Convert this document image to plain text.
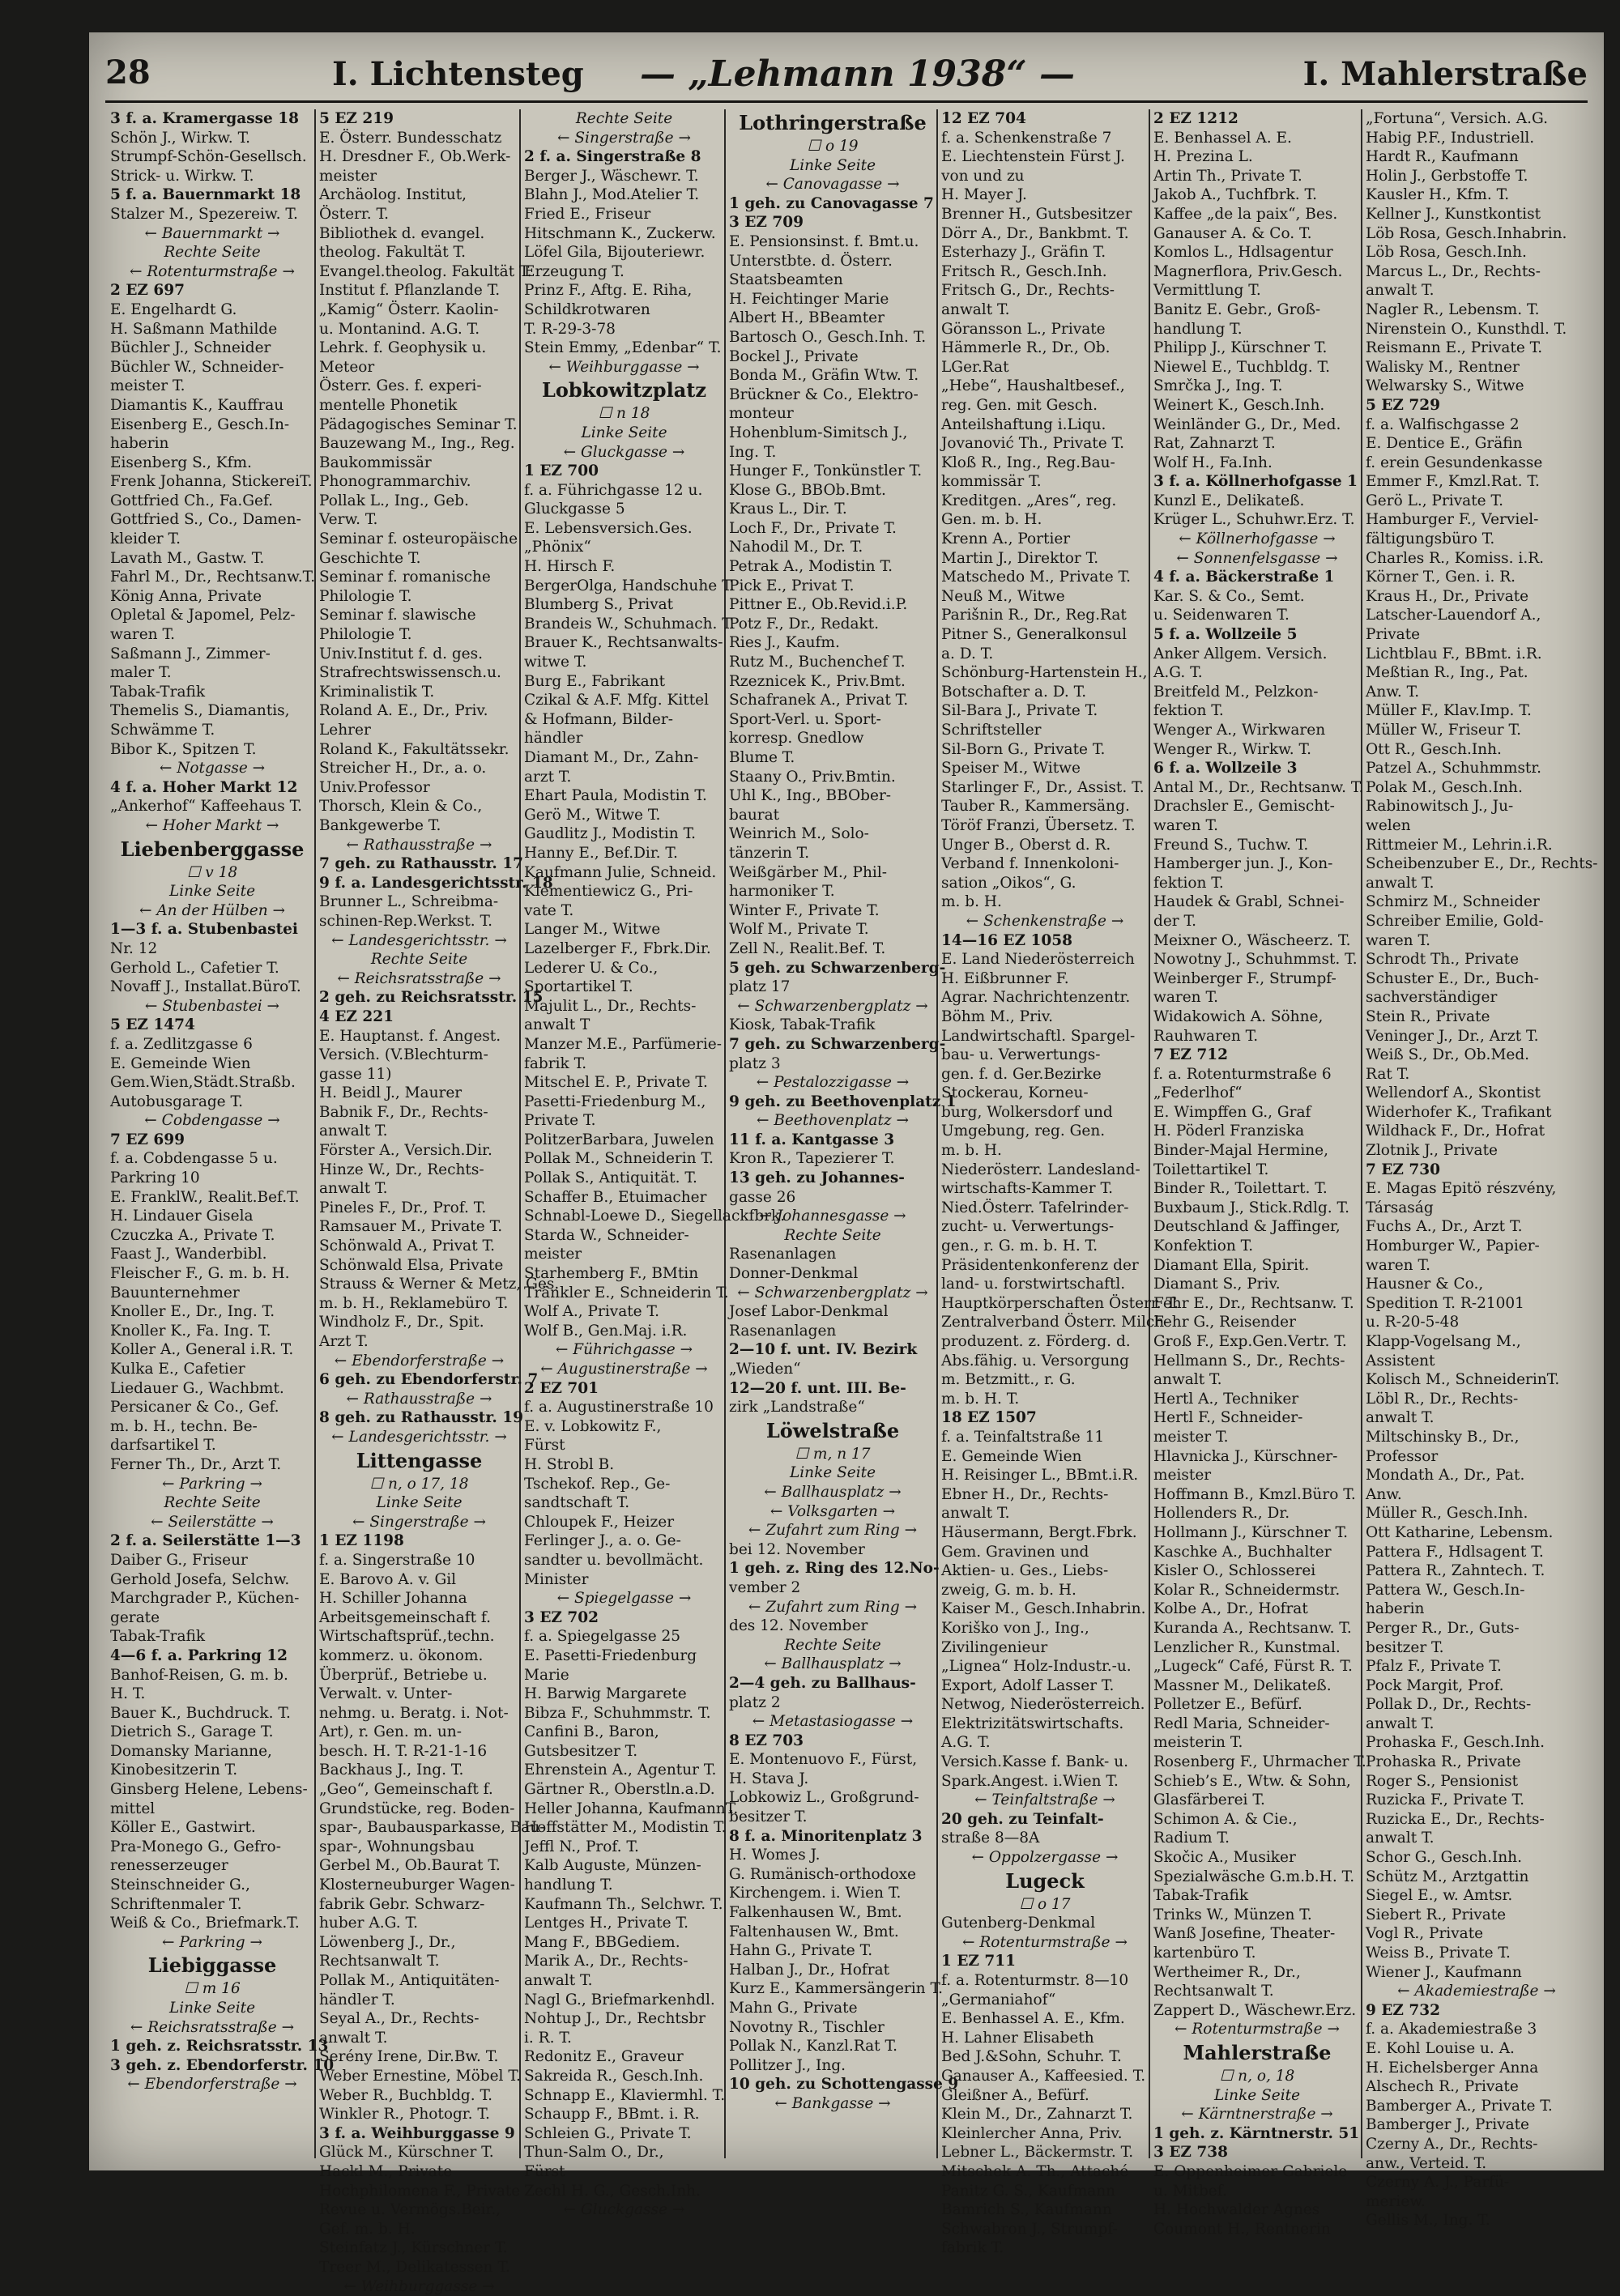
28	I. Lichtensteg — „Lehmann 1938“ —	I. Mahlerstraße
3 f. a. Kramergasse 18
Schön J., Wirkw. T.
Strumpf-Schön-Gesellsch.
Strick- u. Wirkw. T.
5 f. a. Bauernmarkt 18
Stalzer M., Spezereiw. T.
← Bauernmarkt →
Rechte Seite
← Rotenturmstraße →
2 EZ 697
E. Engelhardt G.
H. Saßmann Mathilde
Büchler J., Schneider
Büchler W., Schneider-
meister T.
Diamantis K., Kauffrau
Eisenberg E., Gesch.In-
haberin
Eisenberg S., Kfm.
Frenk Johanna, StickereiT.
Gottfried Ch., Fa.Gef.
Gottfried S., Co., Damen-
kleider T.
Lavath M., Gastw. T.
Fahrl M., Dr., Rechtsanw.T.
König Anna, Private
Opletal & Japomel, Pelz-
waren T.
Saßmann J., Zimmer-
maler T.
Tabak-Trafik
Themelis S., Diamantis,
Schwämme T.
Bibor K., Spitzen T.
← Notgasse →
4 f. a. Hoher Markt 12
„Ankerhof“ Kaffeehaus T.
← Hoher Markt →
Liebenberggasse
☐ v 18
Linke Seite
← An der Hülben →
1—3 f. a. Stubenbastei
Nr. 12
Gerhold L., Cafetier T.
Novaff J., Installat.BüroT.
← Stubenbastei →
5 EZ 1474
f. a. Zedlitzgasse 6
E. Gemeinde Wien
Gem.Wien,Städt.Straßb.
Autobusgarage T.
← Cobdengasse →
7 EZ 699
f. a. Cobdengasse 5 u.
Parkring 10
E. FranklW., Realit.Bef.T.
H. Lindauer Gisela
Czuczka A., Private T.
Faast J., Wanderbibl.
Fleischer F., G. m. b. H.
Bauunternehmer
Knoller E., Dr., Ing. T.
Knoller K., Fa. Ing. T.
Koller A., General i.R. T.
Kulka E., Cafetier
Liedauer G., Wachbmt.
Persicaner & Co., Gef.
m. b. H., techn. Be-
darfsartikel T.
Ferner Th., Dr., Arzt T.
← Parkring →
Rechte Seite
← Seilerstätte →
2 f. a. Seilerstätte 1—3
Daiber G., Friseur
Gerhold Josefa, Selchw.
Marchgrader P., Küchen-
gerate
Tabak-Trafik
4—6 f. a. Parkring 12
Banhof-Reisen, G. m. b.
H. T.
Bauer K., Buchdruck. T.
Dietrich S., Garage T.
Domansky Marianne,
Kinobesitzerin T.
Ginsberg Helene, Lebens-
mittel
Köller E., Gastwirt.
Pra-Monego G., Gefro-
renesserzeuger
Steinschneider G.,
Schriftenmaler T.
Weiß & Co., Briefmark.T.
← Parkring →
Liebiggasse
☐ m 16
Linke Seite
← Reichsratsstraße →
1 geh. z. Reichsratsstr. 13
3 geh. z. Ebendorferstr. 10
← Ebendorferstraße →
5 EZ 219
E. Österr. Bundesschatz
H. Dresdner F., Ob.Werk-
meister
Archäolog. Institut,
Österr. T.
Bibliothek d. evangel.
theolog. Fakultät T.
Evangel.theolog. Fakultät T.
Institut f. Pflanzlande T.
„Kamig“ Österr. Kaolin-
u. Montanind. A.G. T.
Lehrk. f. Geophysik u.
Meteor
Österr. Ges. f. experi-
mentelle Phonetik
Pädagogisches Seminar T.
Bauzewang M., Ing., Reg.
Baukommissär
Phonogrammarchiv.
Pollak L., Ing., Geb.
Verw. T.
Seminar f. osteuropäische
Geschichte T.
Seminar f. romanische
Philologie T.
Seminar f. slawische
Philologie T.
Univ.Institut f. d. ges.
Strafrechtswissensch.u.
Kriminalistik T.
Roland A. E., Dr., Priv.
Lehrer
Roland K., Fakultätssekr.
Streicher H., Dr., a. o.
Univ.Professor
Thorsch, Klein & Co.,
Bankgewerbe T.
← Rathausstraße →
7 geh. zu Rathausstr. 17
9 f. a. Landesgerichtsstr. 18
Brunner L., Schreibma-
schinen-Rep.Werkst. T.
← Landesgerichtsstr. →
Rechte Seite
← Reichsratsstraße →
2 geh. zu Reichsratsstr. 15
4 EZ 221
E. Hauptanst. f. Angest.
Versich. (V.Blechturm-
gasse 11)
H. Beidl J., Maurer
Babnik F., Dr., Rechts-
anwalt T.
Förster A., Versich.Dir.
Hinze W., Dr., Rechts-
anwalt T.
Pineles F., Dr., Prof. T.
Ramsauer M., Private T.
Schönwald A., Privat T.
Schönwald Elsa, Private
Strauss & Werner & Metz, Ges.
m. b. H., Reklamebüro T.
Windholz F., Dr., Spit.
Arzt T.
← Ebendorferstraße →
6 geh. zu Ebendorferstr. 7
← Rathausstraße →
8 geh. zu Rathausstr. 19
← Landesgerichtsstr. →
Littengasse
☐ n, o 17, 18
Linke Seite
← Singerstraße →
1 EZ 1198
f. a. Singerstraße 10
E. Barovo A. v. Gil
H. Schiller Johanna
Arbeitsgemeinschaft f.
Wirtschaftsprüf.,techn.
kommerz. u. ökonom.
Überprüf., Betriebe u.
Verwalt. v. Unter-
nehmg. u. Beratg. i. Not-
Art), r. Gen. m. un-
besch. H. T. R-21-1-16
Backhaus J., Ing. T.
„Geo“, Gemeinschaft f.
Grundstücke, reg. Boden-
spar-, Baubausparkasse, Bau-
spar-, Wohnungsbau
Gerbel M., Ob.Baurat T.
Klosterneuburger Wagen-
fabrik Gebr. Schwarz-
huber A.G. T.
Löwenberg J., Dr.,
Rechtsanwalt T.
Pollak M., Antiquitäten-
händler T.
Seyal A., Dr., Rechts-
anwalt T.
Serény Irene, Dir.Bw. T.
Weber Ernestine, Möbel T.
Weber R., Buchbldg. T.
Winkler R., Photogr. T.
3 f. a. Weihburggasse 9
Glück M., Kürschner T.
Hackl M., Private
Hochphilomena F., Private
Revue u. Vermögs.Beir.,
Gef. m. b. H.
Steinfatz J., Kürschner T.
Treer M., Delikatessen T.
← Weihburggasse →
Rechte Seite
← Singerstraße →
2 f. a. Singerstraße 8
Berger J., Wäschewr. T.
Blahn J., Mod.Atelier T.
Fried E., Friseur
Hitschmann K., Zuckerw.
Löfel Gila, Bijouteriewr.
Erzeugung T.
Prinz F., Aftg. E. Riha,
Schildkrotwaren
T. R-29-3-78
Stein Emmy, „Edenbar“ T.
← Weihburggasse →
Lobkowitzplatz
☐ n 18
Linke Seite
← Gluckgasse →
1 EZ 700
f. a. Führichgasse 12 u.
Gluckgasse 5
E. Lebensversich.Ges.
„Phönix“
H. Hirsch F.
BergerOlga, Handschuhe T.
Blumberg S., Privat
Brandeis W., Schuhmach. T.
Brauer K., Rechtsanwalts-
witwe T.
Burg E., Fabrikant
Czikal & A.F. Mfg. Kittel
& Hofmann, Bilder-
händler
Diamant M., Dr., Zahn-
arzt T.
Ehart Paula, Modistin T.
Gerö M., Witwe T.
Gaudlitz J., Modistin T.
Hanny E., Bef.Dir. T.
Kaufmann Julie, Schneid.
Klementiewicz G., Pri-
vate T.
Langer M., Witwe
Lazelberger F., Fbrk.Dir.
Lederer U. & Co.,
Sportartikel T.
Majulit L., Dr., Rechts-
anwalt T
Manzer M.E., Parfümerie-
fabrik T.
Mitschel E. P., Private T.
Pasetti-Friedenburg M.,
Private T.
PolitzerBarbara, Juwelen
Pollak M., Schneiderin T.
Pollak S., Antiquität. T.
Schaffer B., Etuimacher
Schnabl-Loewe D., Siegellackfbrk.
Starda W., Schneider-
meister
Starhemberg F., BMtin
Tränkler E., Schneiderin T.
Wolf A., Private T.
Wolf B., Gen.Maj. i.R.
← Führichgasse →
← Augustinerstraße →
2 EZ 701
f. a. Augustinerstraße 10
E. v. Lobkowitz F.,
Fürst
H. Strobl B.
Tschekof. Rep., Ge-
sandtschaft T.
Chloupek F., Heizer
Ferlinger J., a. o. Ge-
sandter u. bevollmächt.
Minister
← Spiegelgasse →
3 EZ 702
f. a. Spiegelgasse 25
E. Pasetti-Friedenburg
Marie
H. Barwig Margarete
Bibza F., Schuhmmstr. T.
Canfini B., Baron,
Gutsbesitzer T.
Ehrenstein A., Agentur T.
Gärtner R., Oberstln.a.D.
Heller Johanna, KaufmannT.
Hoffstätter M., Modistin T.
Jeffl N., Prof. T.
Kalb Auguste, Münzen-
handlung T.
Kaufmann Th., Selchwr. T.
Lentges H., Private T.
Mang F., BBGediem.
Marik A., Dr., Rechts-
anwalt T.
Nagl G., Briefmarkenhdl.
Nohtup J., Dr., Rechtsbr
i. R. T.
Redonitz E., Graveur
Sakreida R., Gesch.Inh.
Schnapp E., Klaviermhl. T.
Schaupp F., BBmt. i. R.
Schleien G., Private T.
Thun-Salm O., Dr.,
Fürst
Zechl H. G., Gesch.Inh.
← Gluckgasse →
Lothringerstraße
☐ o 19
Linke Seite
← Canovagasse →
1 geh. zu Canovagasse 7
3 EZ 709
E. Pensionsinst. f. Bmt.u.
Unterstbte. d. Österr.
Staatsbeamten
H. Feichtinger Marie
Albert H., BBeamter
Bartosch O., Gesch.Inh. T.
Bockel J., Private
Bonda M., Gräfin Wtw. T.
Brückner & Co., Elektro-
monteur
Hohenblum-Simitsch J.,
Ing. T.
Hunger F., Tonkünstler T.
Klose G., BBOb.Bmt.
Kraus L., Dir. T.
Loch F., Dr., Private T.
Nahodil M., Dr. T.
Petrak A., Modistin T.
Pick E., Privat T.
Pittner E., Ob.Revid.i.P.
Potz F., Dr., Redakt.
Ries J., Kaufm.
Rutz M., Buchenchef T.
Rzeznicek K., Priv.Bmt.
Schafranek A., Privat T.
Sport-Verl. u. Sport-
korresp. Gnedlow
Blume T.
Staany O., Priv.Bmtin.
Uhl K., Ing., BBOber-
baurat
Weinrich M., Solo-
tänzerin T.
Weißgärber M., Phil-
harmoniker T.
Winter F., Private T.
Wolf M., Private T.
Zell N., Realit.Bef. T.
5 geh. zu Schwarzenberg-
platz 17
← Schwarzenbergplatz →
Kiosk, Tabak-Trafik
7 geh. zu Schwarzenberg-
platz 3
← Pestalozzigasse →
9 geh. zu Beethovenplatz 1
← Beethovenplatz →
11 f. a. Kantgasse 3
Kron R., Tapezierer T.
13 geh. zu Johannes-
gasse 26
← Johannesgasse →
Rechte Seite
Rasenanlagen
Donner-Denkmal
← Schwarzenbergplatz →
Josef Labor-Denkmal
Rasenanlagen
2—10 f. unt. IV. Bezirk
„Wieden“
12—20 f. unt. III. Be-
zirk „Landstraße“
Löwelstraße
☐ m, n 17
Linke Seite
← Ballhausplatz →
← Volksgarten →
← Zufahrt zum Ring →
bei 12. November
1 geh. z. Ring des 12.No-
vember 2
← Zufahrt zum Ring →
des 12. November
Rechte Seite
← Ballhausplatz →
2—4 geh. zu Ballhaus-
platz 2
← Metastasiogasse →
8 EZ 703
E. Montenuovo F., Fürst,
H. Stava J.
Lobkowiz L., Großgrund-
besitzer T.
8 f. a. Minoritenplatz 3
H. Womes J.
G. Rumänisch-orthodoxe
Kirchengem. i. Wien T.
Falkenhausen W., Bmt.
Faltenhausen W., Bmt.
Hahn G., Private T.
Halban J., Dr., Hofrat
Kurz E., Kammersängerin T.
Mahn G., Private
Novotny R., Tischler
Pollak N., Kanzl.Rat T.
Pollitzer J., Ing.
10 geh. zu Schottengasse 9
← Bankgasse →
12 EZ 704
f. a. Schenkenstraße 7
E. Liechtenstein Fürst J.
von und zu
H. Mayer J.
Brenner H., Gutsbesitzer
Dörr A., Dr., Bankbmt. T.
Esterhazy J., Gräfin T.
Fritsch R., Gesch.Inh.
Fritsch G., Dr., Rechts-
anwalt T.
Göransson L., Private
Hämmerle R., Dr., Ob.
LGer.Rat
„Hebe“, Haushaltbesef.,
reg. Gen. mit Gesch.
Anteilshaftung i.Liqu.
Jovanović Th., Private T.
Kloß R., Ing., Reg.Bau-
kommissär T.
Kreditgen. „Ares“, reg.
Gen. m. b. H.
Krenn A., Portier
Martin J., Direktor T.
Matschedo M., Private T.
Neuß M., Witwe
Parišnin R., Dr., Reg.Rat
Pitner S., Generalkonsul
a. D. T.
Schönburg-Hartenstein H.,
Botschafter a. D. T.
Sil-Bara J., Private T.
Schriftsteller
Sil-Born G., Private T.
Speiser M., Witwe
Starlinger F., Dr., Assist. T.
Tauber R., Kammersäng.
Töröf Franzi, Übersetz. T.
Unger B., Oberst d. R.
Verband f. Innenkoloni-
sation „Oikos“, G.
m. b. H.
← Schenkenstraße →
14—16 EZ 1058
E. Land Niederösterreich
H. Eißbrunner F.
Agrar. Nachrichtenzentr.
Böhm M., Priv.
Landwirtschaftl. Spargel-
bau- u. Verwertungs-
gen. f. d. Ger.Bezirke
Stockerau, Korneu-
burg, Wolkersdorf und
Umgebung, reg. Gen.
m. b. H.
Niederösterr. Landesland-
wirtschafts-Kammer T.
Nied.Österr. Tafelrinder-
zucht- u. Verwertungs-
gen., r. G. m. b. H. T.
Präsidentenkonferenz der
land- u. forstwirtschaftl.
Hauptkörperschaften Österr. T.
Zentralverband Österr. Milch-
produzent. z. Förderg. d.
Abs.fähig. u. Versorgung
m. Betzmitt., r. G.
m. b. H. T.
18 EZ 1507
f. a. Teinfaltstraße 11
E. Gemeinde Wien
H. Reisinger L., BBmt.i.R.
Ebner H., Dr., Rechts-
anwalt T.
Häusermann, Bergt.Fbrk.
Gem. Gravinen und
Aktien- u. Ges., Liebs-
zweig, G. m. b. H.
Kaiser M., Gesch.Inhabrin.
Koriško von J., Ing.,
Zivilingenieur
„Lignea“ Holz-Industr.-u.
Export, Adolf Lasser T.
Netwog, Niederösterreich.
Elektrizitätswirtschafts.
A.G. T.
Versich.Kasse f. Bank- u.
Spark.Angest. i.Wien T.
← Teinfaltstraße →
20 geh. zu Teinfalt-
straße 8—8A
← Oppolzergasse →
Lugeck
☐ o 17
Gutenberg-Denkmal
← Rotenturmstraße →
1 EZ 711
f. a. Rotenturmstr. 8—10
„Germaniahof“
E. Benhassel A. E., Kfm.
H. Lahner Elisabeth
Bed J.&Sohn, Schuhr. T.
Ganauser A., Kaffeesied. T.
Gleißner A., Befürf.
Klein M., Dr., Zahnarzt T.
Kleinlercher Anna, Priv.
Lebner L., Bäckermstr. T.
Mitschek A. Th., Attaché
Panitz G. S., Kaufmann
Bamrich S., Kaufmann
Schwabron J., Strumpf-
fabrik T.
2 EZ 1212
E. Benhassel A. E.
H. Prezina L.
Artin Th., Private T.
Jakob A., Tuchfbrk. T.
Kaffee „de la paix“, Bes.
Ganauser A. & Co. T.
Komlos L., Hdlsagentur
Magnerflora, Priv.Gesch.
Vermittlung T.
Banitz E. Gebr., Groß-
handlung T.
Philipp J., Kürschner T.
Niewel E., Tuchbldg. T.
Smrčka J., Ing. T.
Weinert K., Gesch.Inh.
Weinländer G., Dr., Med.
Rat, Zahnarzt T.
Wolf H., Fa.Inh.
3 f. a. Köllnerhofgasse 1
Kunzl E., Delikateß.
Krüger L., Schuhwr.Erz. T.
← Köllnerhofgasse →
← Sonnenfelsgasse →
4 f. a. Bäckerstraße 1
Kar. S. & Co., Semt.
u. Seidenwaren T.
5 f. a. Wollzeile 5
Anker Allgem. Versich.
A.G. T.
Breitfeld M., Pelzkon-
fektion T.
Wenger A., Wirkwaren
Wenger R., Wirkw. T.
6 f. a. Wollzeile 3
Antal M., Dr., Rechtsanw. T.
Drachsler E., Gemischt-
waren T.
Freund S., Tuchw. T.
Hamberger jun. J., Kon-
fektion T.
Haudek & Grabl, Schnei-
der T.
Meixner O., Wäscheerz. T.
Nowotny J., Schuhmmst. T.
Weinberger F., Strumpf-
waren T.
Widakowich A. Söhne,
Rauhwaren T.
7 EZ 712
f. a. Rotenturmstraße 6
„Federlhof“
E. Wimpffen G., Graf
H. Pöderl Franziska
Binder-Majal Hermine,
Toilettartikel T.
Binder R., Toilettart. T.
Buxbaum J., Stick.Rdlg. T.
Deutschland & Jaffinger,
Konfektion T.
Diamant Ella, Spirit.
Diamant S., Priv.
Fehr E., Dr., Rechtsanw. T.
Fehr G., Reisender
Groß F., Exp.Gen.Vertr. T.
Hellmann S., Dr., Rechts-
anwalt T.
Hertl A., Techniker
Hertl F., Schneider-
meister T.
Hlavnicka J., Kürschner-
meister
Hoffmann B., Kmzl.Büro T.
Hollenders R., Dr.
Hollmann J., Kürschner T.
Kaschke A., Buchhalter
Kisler O., Schlosserei
Kolar R., Schneidermstr.
Kolbe A., Dr., Hofrat
Kuranda A., Rechtsanw. T.
Lenzlicher R., Kunstmal.
„Lugeck“ Café, Fürst R. T.
Massner M., Delikateß.
Polletzer E., Befürf.
Redl Maria, Schneider-
meisterin T.
Rosenberg F., Uhrmacher T.
Schieb’s E., Wtw. & Sohn,
Glasfärberei T.
Schimon A. & Cie.,
Radium T.
Skočic A., Musiker
Spezialwäsche G.m.b.H. T.
Tabak-Trafik
Trinks W., Münzen T.
Wanß Josefine, Theater-
kartenbüro T.
Wertheimer R., Dr.,
Rechtsanwalt T.
Zappert D., Wäschewr.Erz.
← Rotenturmstraße →
Mahlerstraße
☐ n, o, 18
Linke Seite
← Kärntnerstraße →
1 geh. z. Kärntnerstr. 51
3 EZ 738
E. Oppenheimer Gabriele
u. Mitbef.
H. Hochwalder Agnes
Coumont H., Rentnerin
„Fortuna“, Versich. A.G.
Habig P.F., Industriell.
Hardt R., Kaufmann
Holin J., Gerbstoffe T.
Kausler H., Kfm. T.
Kellner J., Kunstkontist
Löb Rosa, Gesch.Inhabrin.
Löb Rosa, Gesch.Inh.
Marcus L., Dr., Rechts-
anwalt T.
Nagler R., Lebensm. T.
Nirenstein O., Kunsthdl. T.
Reismann E., Private T.
Walisky M., Rentner
Welwarsky S., Witwe
5 EZ 729
f. a. Walfischgasse 2
E. Dentice E., Gräfin
f. erein Gesundenkasse
Emmer F., Kmzl.Rat. T.
Gerö L., Private T.
Hamburger F., Verviel-
fältigungsbüro T.
Charles R., Komiss. i.R.
Körner T., Gen. i. R.
Kraus H., Dr., Private
Latscher-Lauendorf A.,
Private
Lichtblau F., BBmt. i.R.
Meßtian R., Ing., Pat.
Anw. T.
Müller F., Klav.Imp. T.
Müller W., Friseur T.
Ott R., Gesch.Inh.
Patzel A., Schuhmmstr.
Polak M., Gesch.Inh.
Rabinowitsch J., Ju-
welen
Rittmeier M., Lehrin.i.R.
Scheibenzuber E., Dr., Rechts-
anwalt T.
Schmirz M., Schneider
Schreiber Emilie, Gold-
waren T.
Schrodt Th., Private
Schuster E., Dr., Buch-
sachverständiger
Stein R., Private
Veninger J., Dr., Arzt T.
Weiß S., Dr., Ob.Med.
Rat T.
Wellendorf A., Skontist
Widerhofer K., Trafikant
Wildhack F., Dr., Hofrat
Zlotnik J., Private
7 EZ 730
E. Magas Epitö részvény,
Társaság
Fuchs A., Dr., Arzt T.
Homburger W., Papier-
waren T.
Hausner & Co.,
Spedition T. R-21001
u. R-20-5-48
Klapp-Vogelsang M.,
Assistent
Kolisch M., SchneiderinT.
Löbl R., Dr., Rechts-
anwalt T.
Miltschinsky B., Dr.,
Professor
Mondath A., Dr., Pat.
Anw.
Müller R., Gesch.Inh.
Ott Katharine, Lebensm.
Pattera F., Hdlsagent T.
Pattera R., Zahntech. T.
Pattera W., Gesch.In-
haberin
Perger R., Dr., Guts-
besitzer T.
Pfalz F., Private T.
Pock Margit, Prof.
Pollak D., Dr., Rechts-
anwalt T.
Prohaska F., Gesch.Inh.
Prohaska R., Private
Roger S., Pensionist
Ruzicka F., Private T.
Ruzicka E., Dr., Rechts-
anwalt T.
Schor G., Gesch.Inh.
Schütz M., Arztgattin
Siegel E., w. Amtsr.
Siebert R., Private
Vogl R., Private
Weiss B., Private T.
Wiener J., Kaufmann
← Akademiestraße →
9 EZ 732
f. a. Akademiestraße 3
E. Kohl Louise u. A.
H. Eichelsberger Anna
Alschech R., Private
Bamberger A., Private T.
Bamberger J., Private
Czerny A., Dr., Rechts-
anw., Verteid. T.
Czerny A. J., Parfü-
meriew.
Gellis M., Ing. T.
